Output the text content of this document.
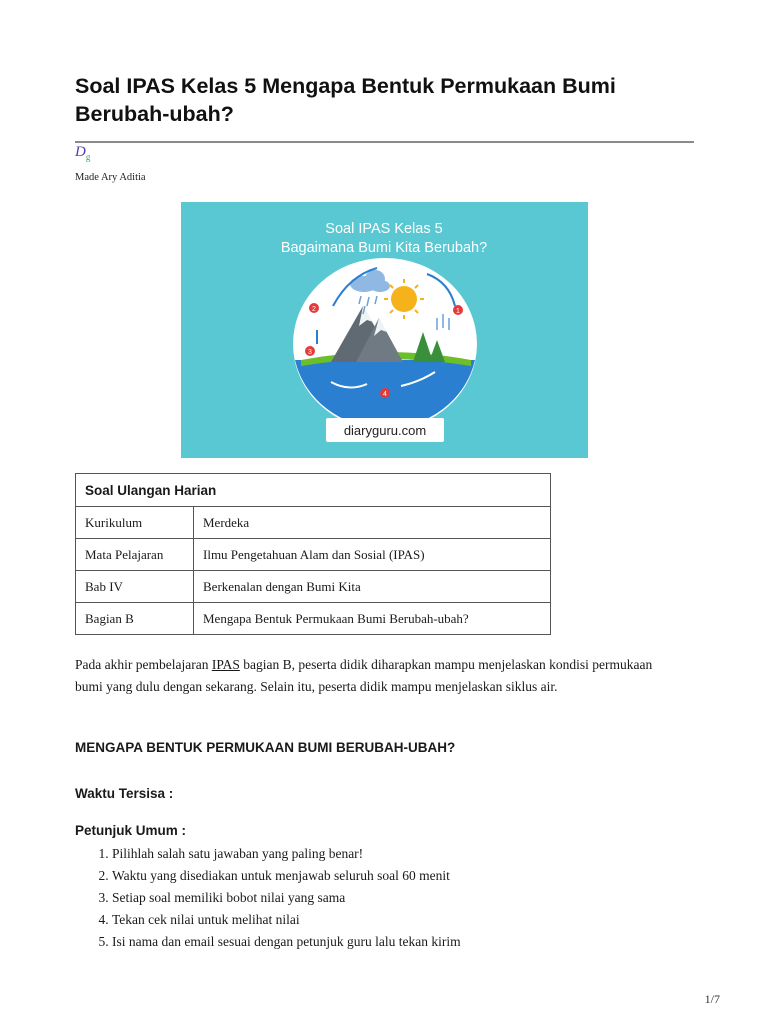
Soal IPAS Kelas 5 Mengapa Bentuk Permukaan Bumi Berubah-ubah?
$D_g$
Made Ary Aditia
Soal IPAS Kelas 5
Bagaimana Bumi Kita Berubah?
2
3
1
4
diaryguru.com
Soal Ulangan Harian	
Kurikulum	Merdeka
Mata Pelajaran	Ilmu Pengetahuan Alam dan Sosial (IPAS)
Bab IV	Berkenalan dengan Bumi Kita
Bagian B	Mengapa Bentuk Permukaan Bumi Berubah-ubah?

Pada akhir pembelajaran IPAS bagian B, peserta didik diharapkan mampu menjelaskan kondisi permukaan bumi yang dulu dengan sekarang. Selain itu, peserta didik mampu menjelaskan siklus air.

MENGAPA BENTUK PERMUKAAN BUMI BERUBAH-UBAH?
Waktu Tersisa :
Petunjuk Umum :
1. Pilihlah salah satu jawaban yang paling benar!
2. Waktu yang disediakan untuk menjawab seluruh soal 60 menit
3. Setiap soal memiliki bobot nilai yang sama
4. Tekan cek nilai untuk melihat nilai
5. Isi nama dan email sesuai dengan petunjuk guru lalu tekan kirim
1/7
